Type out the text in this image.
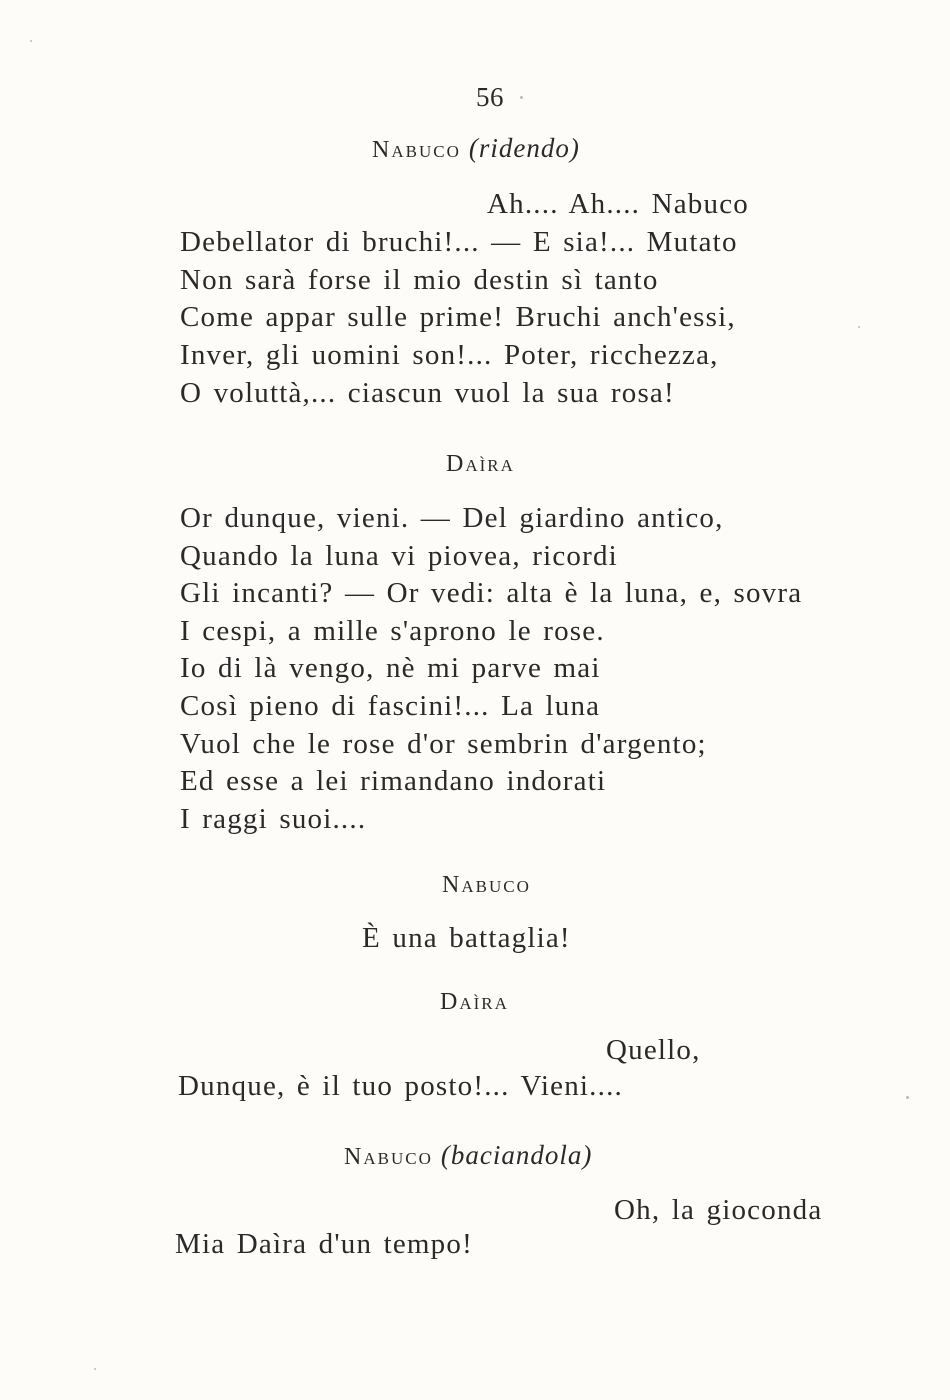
56
Nabuco (ridendo)
Ah.... Ah.... Nabuco
Debellator di bruchi!... — E sia!... Mutato
Non sarà forse il mio destin sì tanto
Come appar sulle prime! Bruchi anch'essi,
Inver, gli uomini son!... Poter, ricchezza,
O voluttà,... ciascun vuol la sua rosa!
Daìra
Or dunque, vieni. — Del giardino antico,
Quando la luna vi piovea, ricordi
Gli incanti? — Or vedi: alta è la luna, e, sovra
I cespi, a mille s'aprono le rose.
Io di là vengo, nè mi parve mai
Così pieno di fascini!... La luna
Vuol che le rose d'or sembrin d'argento;
Ed esse a lei rimandano indorati
I raggi suoi....
Nabuco
È una battaglia!
Daìra
Quello,
Dunque, è il tuo posto!... Vieni....
Nabuco (baciandola)
Oh, la gioconda
Mia Daìra d'un tempo!
